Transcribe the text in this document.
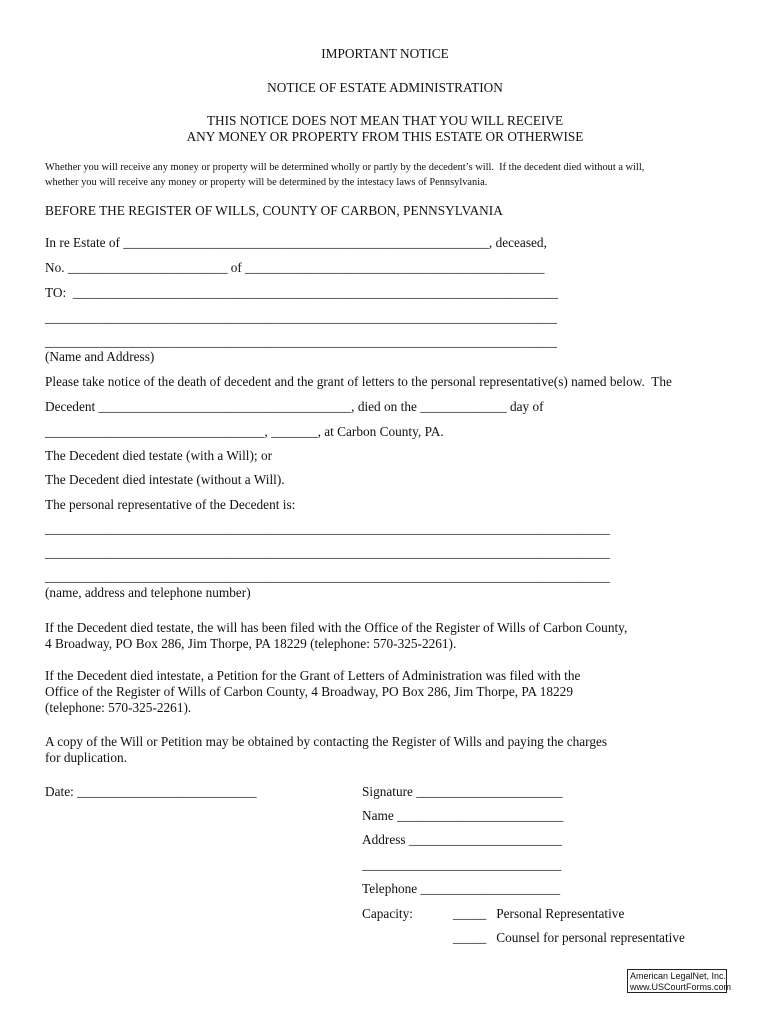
IMPORTANT NOTICE
NOTICE OF ESTATE ADMINISTRATION
THIS NOTICE DOES NOT MEAN THAT YOU WILL RECEIVE
ANY MONEY OR PROPERTY FROM THIS ESTATE OR OTHERWISE
Whether you will receive any money or property will be determined wholly or partly by the decedent’s will.  If the decedent died without a will,
whether you will receive any money or property will be determined by the intestacy laws of Pennsylvania.
BEFORE THE REGISTER OF WILLS, COUNTY OF CARBON, PENNSYLVANIA
In re Estate of _______________________________________________________, deceased,
No. ________________________ of _____________________________________________
TO:  _________________________________________________________________________
_____________________________________________________________________________
_____________________________________________________________________________
(Name and Address)
Please take notice of the death of decedent and the grant of letters to the personal representative(s) named below.  The
Decedent ______________________________________, died on the _____________ day of
_________________________________, _______, at Carbon County, PA.
The Decedent died testate (with a Will); or
The Decedent died intestate (without a Will).
The personal representative of the Decedent is:
_____________________________________________________________________________________
_____________________________________________________________________________________
_____________________________________________________________________________________
(name, address and telephone number)
If the Decedent died testate, the will has been filed with the Office of the Register of Wills of Carbon County,
4 Broadway, PO Box 286, Jim Thorpe, PA 18229 (telephone: 570-325-2261).
If the Decedent died intestate, a Petition for the Grant of Letters of Administration was filed with the
Office of the Register of Wills of Carbon County, 4 Broadway, PO Box 286, Jim Thorpe, PA 18229
(telephone: 570-325-2261).
A copy of the Will or Petition may be obtained by contacting the Register of Wills and paying the charges
for duplication.
Date: ___________________________	Signature ______________________
Name _________________________
Address _______________________
______________________________
Telephone _____________________
Capacity:	_____   Personal Representative
_____   Counsel for personal representative
American LegalNet, Inc.
www.USCourtForms.com
